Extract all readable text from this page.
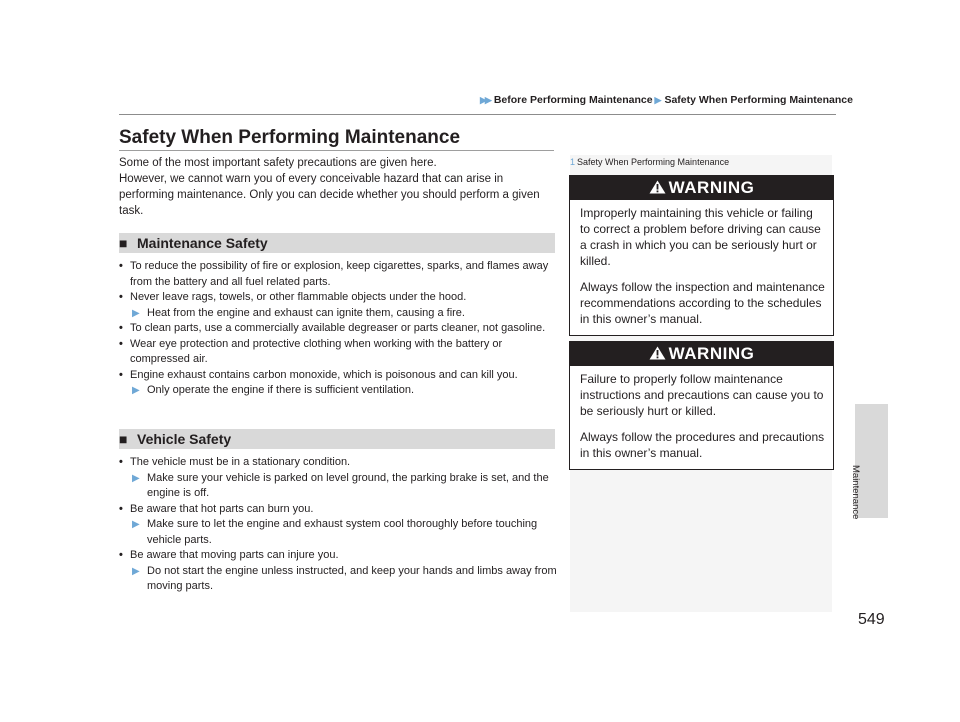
▶▶ Before Performing Maintenance ▶ Safety When Performing Maintenance
Safety When Performing Maintenance

Some of the most important safety precautions are given here.

However, we cannot warn you of every conceivable hazard that can arise in performing maintenance. Only you can decide whether you should perform a given task.

■ Maintenance Safety
• To reduce the possibility of fire or explosion, keep cigarettes, sparks, and flames away from the battery and all fuel related parts.
• Never leave rags, towels, or other flammable objects under the hood.
▶ Heat from the engine and exhaust can ignite them, causing a fire.
• To clean parts, use a commercially available degreaser or parts cleaner, not gasoline.
• Wear eye protection and protective clothing when working with the battery or compressed air.
• Engine exhaust contains carbon monoxide, which is poisonous and can kill you.
▶ Only operate the engine if there is sufficient ventilation.
■ Vehicle Safety
• The vehicle must be in a stationary condition.
▶ Make sure your vehicle is parked on level ground, the parking brake is set, and the engine is off.
• Be aware that hot parts can burn you.
▶ Make sure to let the engine and exhaust system cool thoroughly before touching vehicle parts.
• Be aware that moving parts can injure you.
▶ Do not start the engine unless instructed, and keep your hands and limbs away from moving parts.
1 Safety When Performing Maintenance
WARNING

Improperly maintaining this vehicle or failing to correct a problem before driving can cause a crash in which you can be seriously hurt or killed.

Always follow the inspection and maintenance recommendations according to the schedules in this owner’s manual.

WARNING

Failure to properly follow maintenance instructions and precautions can cause you to be seriously hurt or killed.

Always follow the procedures and precautions in this owner’s manual.

Maintenance
549
